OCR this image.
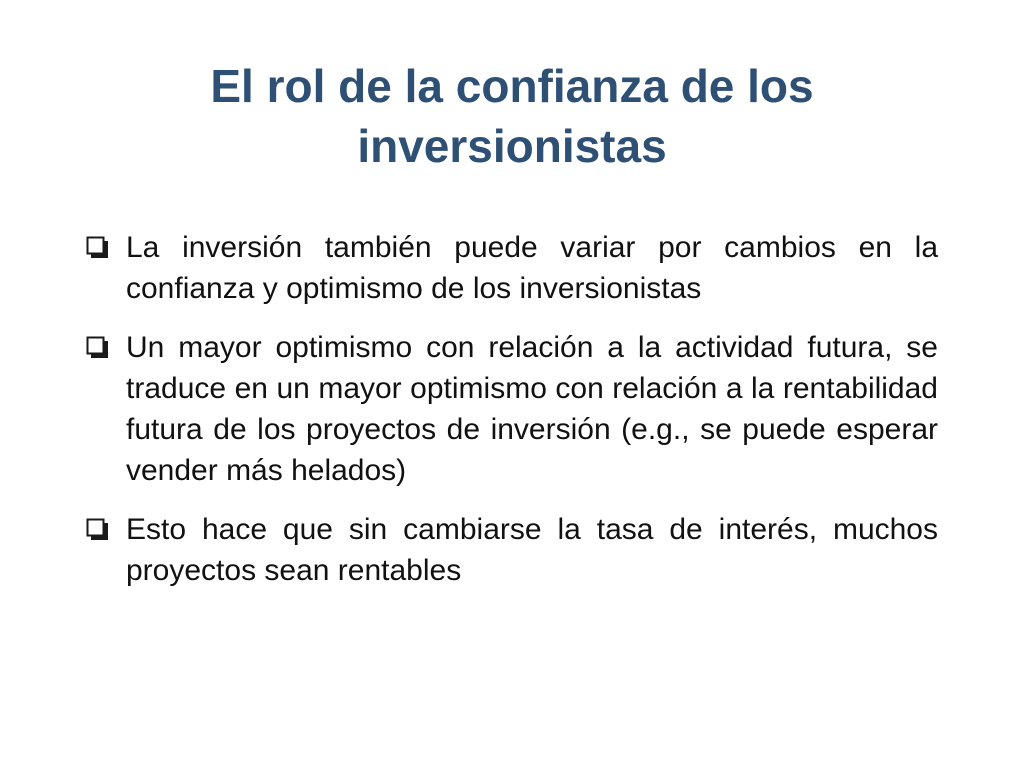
El rol de la confianza de los inversionistas
La inversión también puede variar por cambios en la confianza y optimismo de los inversionistas
Un mayor optimismo con relación a la actividad futura, se traduce en un mayor optimismo con relación a la rentabilidad futura de los proyectos de inversión (e.g., se puede esperar vender más helados)
Esto hace que sin cambiarse la tasa de interés, muchos proyectos sean rentables
